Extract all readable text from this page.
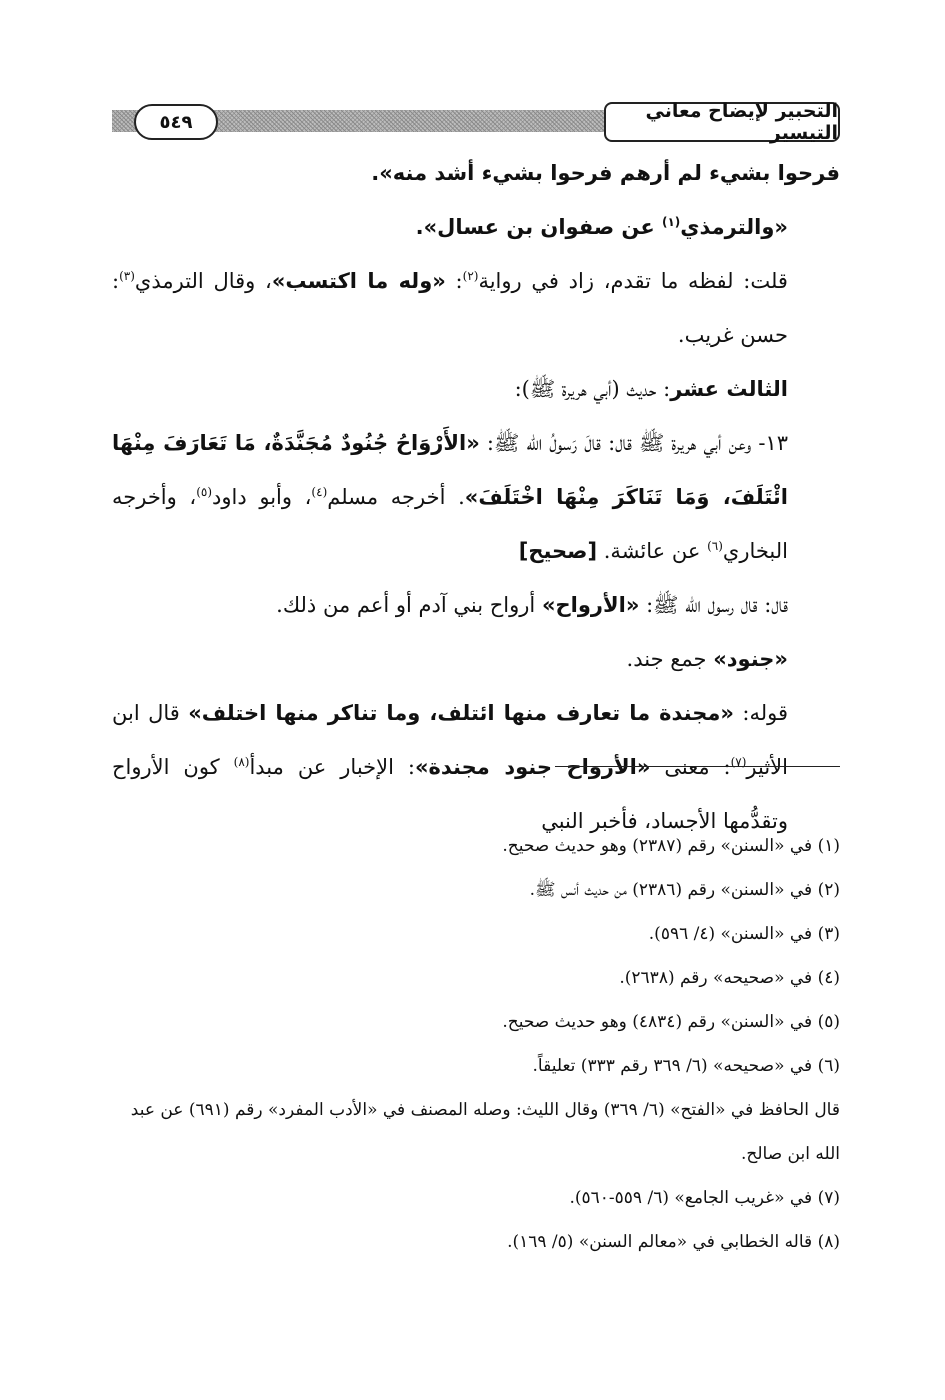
التحبير لإيضاح معاني التيسير
٥٤٩

فرحوا بشيء لم أرهم فرحوا بشيء أشد منه».

«والترمذي$^{(١)}$ عن صفوان بن عسال».

قلت: لفظه ما تقدم، زاد في رواية$^{(٢)}$: «وله ما اكتسب»، وقال الترمذي$^{(٣)}$: حسن غريب.

الثالث عشر: حديث (أبي هريرة ﷺ):

١٣- وعن أبي هريرة ﷺ قال: قالَ رَسولُ الله ﷺ: «الأَرْوَاحُ جُنُودٌ مُجَنَّدَةٌ، مَا تَعَارَفَ مِنْهَا ائْتَلَفَ، وَمَا تَنَاكَرَ مِنْهَا اخْتَلَفَ». أخرجه مسلم$^{(٤)}$، وأبو داود$^{(٥)}$، وأخرجه البخاري$^{(٦)}$ عن عائشة. [صحيح]

قال: قال رسول الله ﷺ: «الأرواح» أرواح بني آدم أو أعم من ذلك.

«جنود» جمع جند.

قوله: «مجندة ما تعارف منها ائتلف، وما تناكر منها اختلف» قال ابن الأثير$^{(٧)}$: معنى «الأرواح جنود مجندة»: الإخبار عن مبدأ$^{(٨)}$ كون الأرواح وتقدُّمها الأجساد، فأخبر النبي

(١) في «السنن» رقم (٢٣٨٧) وهو حديث صحيح.

(٢) في «السنن» رقم (٢٣٨٦) من حديث أنس ﷺ.

(٣) في «السنن» (٤/ ٥٩٦).

(٤) في «صحيحه» رقم (٢٦٣٨).

(٥) في «السنن» رقم (٤٨٣٤) وهو حديث صحيح.

(٦) في «صحيحه» (٦/ ٣٦٩ رقم ٣٣٣) تعليقاً.

قال الحافظ في «الفتح» (٦/ ٣٦٩) وقال الليث: وصله المصنف في «الأدب المفرد» رقم (٦٩١) عن عبد الله ابن صالح.

(٧) في «غريب الجامع» (٦/ ٥٥٩-٥٦٠).

(٨) قاله الخطابي في «معالم السنن» (٥/ ١٦٩).
